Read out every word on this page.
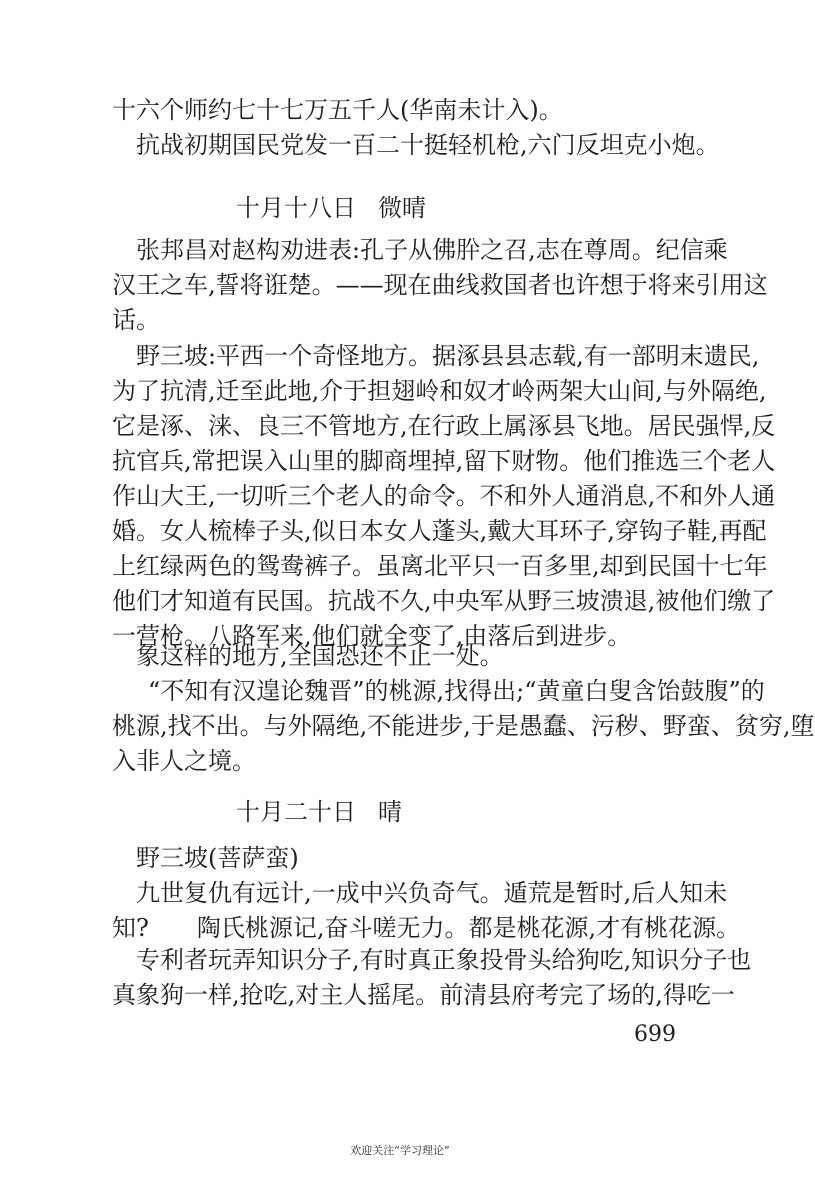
十六个师约七十七万五千人(华南未计入)。
抗战初期国民党发一百二十挺轻机枪,六门反坦克小炮。
十月十八日 微晴
张邦昌对赵构劝进表:孔子从佛肸之召,志在尊周。纪信乘
汉王之车,誓将诳楚。——现在曲线救国者也许想于将来引用这
话。
野三坡:平西一个奇怪地方。据涿县县志载,有一部明末遗民,
为了抗清,迁至此地,介于担翅岭和奴才岭两架大山间,与外隔绝,
它是涿、涞、良三不管地方,在行政上属涿县飞地。居民强悍,反
抗官兵,常把误入山里的脚商埋掉,留下财物。他们推选三个老人
作山大王,一切听三个老人的命令。不和外人通消息,不和外人通
婚。女人梳棒子头,似日本女人蓬头,戴大耳环子,穿钩子鞋,再配
上红绿两色的鸳鸯裤子。虽离北平只一百多里,却到民国十七年
他们才知道有民国。抗战不久,中央军从野三坡溃退,被他们缴了
一营枪。八路军来,他们就全变了,由落后到进步。
象这样的地方,全国恐还不止一处。
“不知有汉遑论魏晋”的桃源,找得出;“黄童白叟含饴鼓腹”的
桃源,找不出。与外隔绝,不能进步,于是愚蠢、污秽、野蛮、贫穷,堕
入非人之境。
十月二十日 晴
野三坡(菩萨蛮)
九世复仇有远计,一成中兴负奇气。遁荒是暂时,后人知未
知?　　陶氏桃源记,奋斗嗟无力。都是桃花源,才有桃花源。
专利者玩弄知识分子,有时真正象投骨头给狗吃,知识分子也
真象狗一样,抢吃,对主人摇尾。前清县府考完了场的,得吃一
699
欢迎关注“学习理论”
